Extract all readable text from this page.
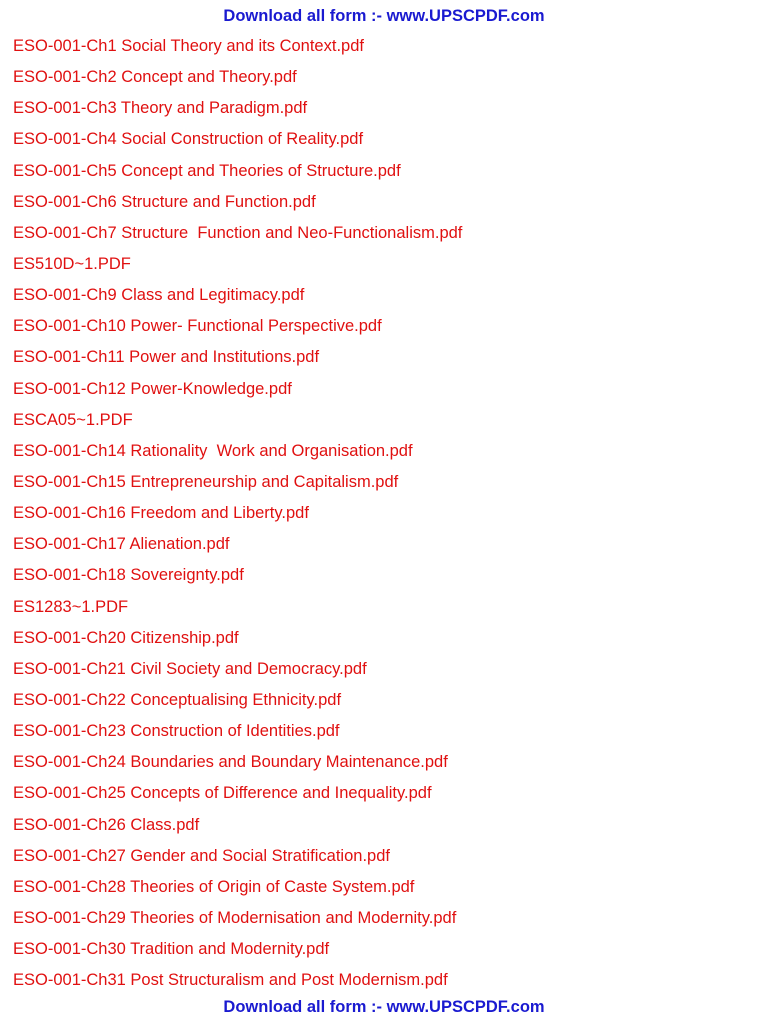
Download all form :- www.UPSCPDF.com
ESO-001-Ch1 Social Theory and its Context.pdf
ESO-001-Ch2 Concept and Theory.pdf
ESO-001-Ch3 Theory and Paradigm.pdf
ESO-001-Ch4 Social Construction of Reality.pdf
ESO-001-Ch5 Concept and Theories of Structure.pdf
ESO-001-Ch6 Structure and Function.pdf
ESO-001-Ch7 Structure  Function and Neo-Functionalism.pdf
ES510D~1.PDF
ESO-001-Ch9 Class and Legitimacy.pdf
ESO-001-Ch10 Power- Functional Perspective.pdf
ESO-001-Ch11 Power and Institutions.pdf
ESO-001-Ch12 Power-Knowledge.pdf
ESCA05~1.PDF
ESO-001-Ch14 Rationality  Work and Organisation.pdf
ESO-001-Ch15 Entrepreneurship and Capitalism.pdf
ESO-001-Ch16 Freedom and Liberty.pdf
ESO-001-Ch17 Alienation.pdf
ESO-001-Ch18 Sovereignty.pdf
ES1283~1.PDF
ESO-001-Ch20 Citizenship.pdf
ESO-001-Ch21 Civil Society and Democracy.pdf
ESO-001-Ch22 Conceptualising Ethnicity.pdf
ESO-001-Ch23 Construction of Identities.pdf
ESO-001-Ch24 Boundaries and Boundary Maintenance.pdf
ESO-001-Ch25 Concepts of Difference and Inequality.pdf
ESO-001-Ch26 Class.pdf
ESO-001-Ch27 Gender and Social Stratification.pdf
ESO-001-Ch28 Theories of Origin of Caste System.pdf
ESO-001-Ch29 Theories of Modernisation and Modernity.pdf
ESO-001-Ch30 Tradition and Modernity.pdf
ESO-001-Ch31 Post Structuralism and Post Modernism.pdf
Download all form :- www.UPSCPDF.com
